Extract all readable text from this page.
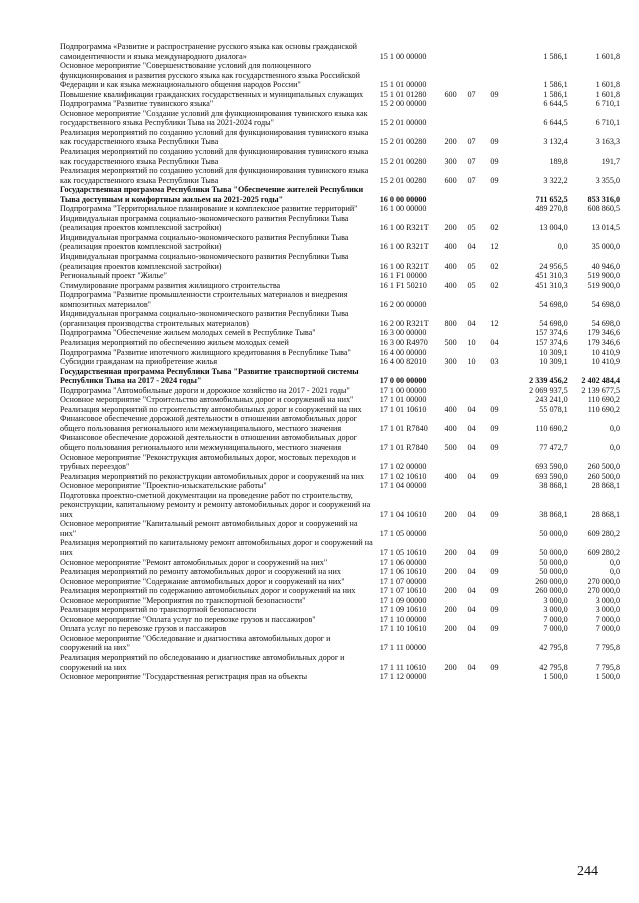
Подпрограмма «Развитие и распространение русского языка как основы гражданской самоидентичности и языка международного диалога»	15 1 00 00000				1 586,1	1 601,8
Основное мероприятие "Совершенствование условий для полноценного функционирования и развития русского языка как государственного языка Российской Федерации и как языка межнационального общения народов России"	15 1 01 00000				1 586,1	1 601,8
Повышение квалификации гражданских государственных и муниципальных служащих	15 1 01 01280	600	07	09	1 586,1	1 601,8
Подпрограмма "Развитие тувинского языка"	15 2 00 00000				6 644,5	6 710,1
Основное мероприятие "Создание условий для функционирования тувинского языка как государственного языка Республики Тыва на 2021-2024 годы"	15 2 01 00000				6 644,5	6 710,1
Реализация мероприятий по созданию условий для функционирования тувинского языка как государственного языка Республики Тыва	15 2 01 00280	200	07	09	3 132,4	3 163,3
Реализация мероприятий по созданию условий для функционирования тувинского языка как государственного языка Республики Тыва	15 2 01 00280	300	07	09	189,8	191,7
Реализация мероприятий по созданию условий для функционирования тувинского языка как государственного языка Республики Тыва	15 2 01 00280	600	07	09	3 322,2	3 355,0
Государственная программа Республики Тыва "Обеспечение жителей Республики Тыва доступным и комфортным жильем на 2021-2025 годы"	16 0 00 00000				711 652,5	853 316,0
Подпрограмма "Территориальное планирование и комплексное развитие территорий"	16 1 00 00000				489 270,8	608 860,5
Индивидуальная программа социально-экономического развития Республики Тыва (реализация проектов комплексной застройки)	16 1 00 R321T	200	05	02	13 004,0	13 014,5
Индивидуальная программа социально-экономического развития Республики Тыва (реализация проектов комплексной застройки)	16 1 00 R321T	400	04	12	0,0	35 000,0
Индивидуальная программа социально-экономического развития Республики Тыва (реализация проектов комплексной застройки)	16 1 00 R321T	400	05	02	24 956,5	40 946,0
Региональный проект "Жилье"	16 1 F1 00000				451 310,3	519 900,0
Стимулирование программ развития жилищного строительства	16 1 F1 50210	400	05	02	451 310,3	519 900,0
Подпрограмма "Развитие промышленности строительных материалов и внедрения композитных материалов"	16 2 00 00000				54 698,0	54 698,0
Индивидуальная программа социально-экономического развития Республики Тыва (организация производства строительных материалов)	16 2 00 R321T	800	04	12	54 698,0	54 698,0
Подпрограмма "Обеспечение жильем молодых семей в Республике Тыва"	16 3 00 00000				157 374,6	179 346,6
Реализация мероприятий по обеспечению жильем молодых семей	16 3 00 R4970	500	10	04	157 374,6	179 346,6
Подпрограмма "Развитие ипотечного жилищного кредитования в Республике Тыва"	16 4 00 00000				10 309,1	10 410,9
Субсидии гражданам на приобретение жилья	16 4 00 82010	300	10	03	10 309,1	10 410,9
Государственная программа Республики Тыва "Развитие транспортной системы Республики Тыва на 2017 - 2024 годы"	17 0 00 00000				2 339 456,2	2 402 484,4
Подпрограмма "Автомобильные дороги и дорожное хозяйство на 2017 - 2021 годы"	17 1 00 00000				2 069 937,5	2 139 677,5
Основное мероприятие "Строительство автомобильных дорог и сооружений на них"	17 1 01 00000				243 241,0	110 690,2
Реализация мероприятий по строительству автомобильных дорог и сооружений на них	17 1 01 10610	400	04	09	55 078,1	110 690,2
Финансовое обеспечение дорожной деятельности в отношении автомобильных дорог общего пользования регионального или межмуниципального, местного значения	17 1 01 R7840	400	04	09	110 690,2	0,0
Финансовое обеспечение дорожной деятельности в отношении автомобильных дорог общего пользования регионального или межмуниципального, местного значения	17 1 01 R7840	500	04	09	77 472,7	0,0
Основное мероприятие "Реконструкция автомобильных дорог, мостовых переходов и трубных переездов"	17 1 02 00000				693 590,0	260 500,0
Реализация мероприятий по реконструкции автомобильных дорог и сооружений на них	17 1 02 10610	400	04	09	693 590,0	260 500,0
Основное мероприятие "Проектно-изыскательские работы"	17 1 04 00000				38 868,1	28 868,1
Подготовка проектно-сметной документации на проведение работ по строительству, реконструкции, капитальному ремонту и ремонту автомобильных дорог и сооружений на них	17 1 04 10610	200	04	09	38 868,1	28 868,1
Основное мероприятие "Капитальный ремонт автомобильных дорог и сооружений на них"	17 1 05 00000				50 000,0	609 280,2
Реализация мероприятий по капитальному ремонт автомобильных дорог и сооружений на них	17 1 05 10610	200	04	09	50 000,0	609 280,2
Основное мероприятие "Ремонт автомобильных дорог и сооружений на них"	17 1 06 00000				50 000,0	0,0
Реализация мероприятий по ремонту автомобильных дорог и сооружений на них	17 1 06 10610	200	04	09	50 000,0	0,0
Основное мероприятие "Содержание автомобильных дорог и сооружений на них"	17 1 07 00000				260 000,0	270 000,0
Реализация мероприятий по содержанию автомобильных дорог и сооружений на них	17 1 07 10610	200	04	09	260 000,0	270 000,0
Основное мероприятие "Мероприятия по транспортной безопасности"	17 1 09 00000				3 000,0	3 000,0
Реализация мероприятий по транспортной безопасности	17 1 09 10610	200	04	09	3 000,0	3 000,0
Основное мероприятие "Оплата услуг по перевозке грузов и пассажиров"	17 1 10 00000				7 000,0	7 000,0
Оплата услуг по перевозке грузов и пассажиров	17 1 10 10610	200	04	09	7 000,0	7 000,0
Основное мероприятие "Обследование и диагностика автомобильных дорог и сооружений на них"	17 1 11 00000				42 795,8	7 795,8
Реализация мероприятий по обследованию и диагностике автомобильных дорог и сооружений на них	17 1 11 10610	200	04	09	42 795,8	7 795,8
Основное мероприятие "Государственная регистрация прав на объекты	17 1 12 00000				1 500,0	1 500,0
244
